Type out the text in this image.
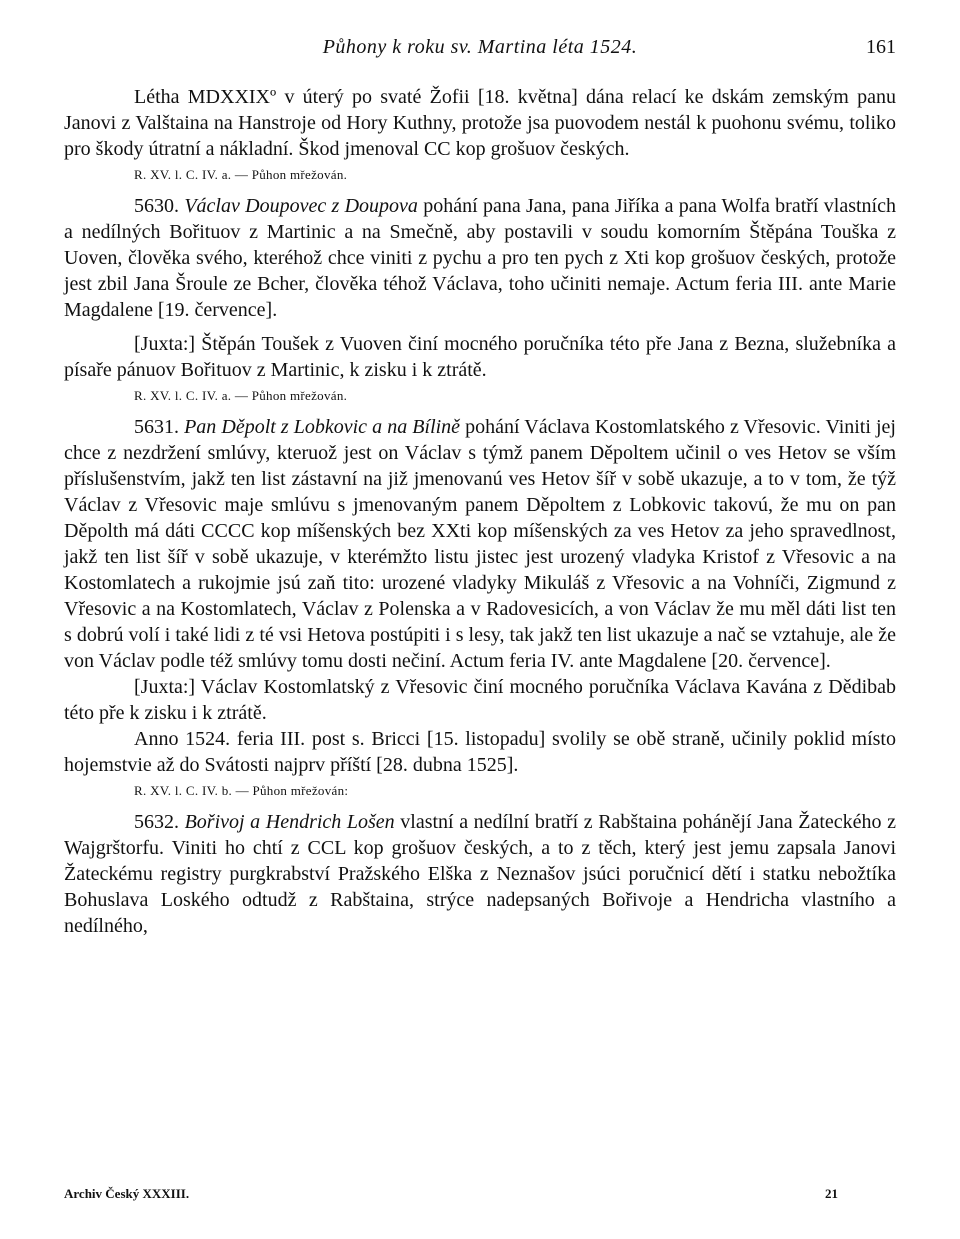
Půhony k roku sv. Martina léta 1524.	161

Létha MDXXIXº v úterý po svaté Žofii [18. května] dána relací ke dskám zemským panu Janovi z Valštaina na Hanstroje od Hory Kuthny, protože jsa puovodem nestál k puohonu svému, toliko pro škody útratní a nákladní. Škod jmenoval CC kop grošuov českých.

R. XV. l. C. IV. a. — Půhon mřežován.

5630. Václav Doupovec z Doupova pohání pana Jana, pana Jiříka a pana Wolfa bratří vlastních a nedílných Bořituov z Martinic a na Smečně, aby postavili v soudu komorním Štěpána Touška z Uoven, člověka svého, kteréhož chce viniti z pychu a pro ten pych z Xti kop grošuov českých, protože jest zbil Jana Šroule ze Bcher, člověka téhož Václava, toho učiniti nemaje. Actum feria III. ante Marie Magdalene [19. července].

[Juxta:] Štěpán Toušek z Vuoven činí mocného poručníka této pře Jana z Bezna, služebníka a písaře pánuov Bořituov z Martinic, k zisku i k ztrátě.

R. XV. l. C. IV. a. — Půhon mřežován.

5631. Pan Děpolt z Lobkovic a na Bílině pohání Václava Kostomlatského z Vřesovic. Viniti jej chce z nezdržení smlúvy, kteruož jest on Václav s týmž panem Děpoltem učinil o ves Hetov se vším příslušenstvím, jakž ten list zástavní na již jmenovanú ves Hetov šíř v sobě ukazuje, a to v tom, že týž Václav z Vřesovic maje smlúvu s jmenovaným panem Děpoltem z Lobkovic takovú, že mu on pan Děpolth má dáti CCCC kop míšenských bez XXti kop míšenských za ves Hetov za jeho spravedlnost, jakž ten list šíř v sobě ukazuje, v kterémžto listu jistec jest urozený vladyka Kristof z Vřesovic a na Kostomlatech a rukojmie jsú zaň tito: urozené vladyky Mikuláš z Vřesovic a na Vohníči, Zigmund z Vřesovic a na Kostomlatech, Václav z Polenska a v Radovesicích, a von Václav že mu měl dáti list ten s dobrú volí i také lidi z té vsi Hetova postúpiti i s lesy, tak jakž ten list ukazuje a nač se vztahuje, ale že von Václav podle též smlúvy tomu dosti nečiní. Actum feria IV. ante Magdalene [20. července].

[Juxta:] Václav Kostomlatský z Vřesovic činí mocného poručníka Václava Kavána z Dědibab této pře k zisku i k ztrátě.

Anno 1524. feria III. post s. Bricci [15. listopadu] svolily se obě straně, učinily poklid místo hojemstvie až do Svátosti najprv příští [28. dubna 1525].

R. XV. l. C. IV. b. — Půhon mřežován:

5632. Bořivoj a Hendrich Lošen vlastní a nedílní bratří z Rabštaina pohánějí Jana Žateckého z Wajgrštorfu. Viniti ho chtí z CCL kop grošuov českých, a to z těch, který jest jemu zapsala Janovi Žateckému registry purgkrabství Pražského Elška z Neznašov jsúci poručnicí dětí i statku nebožtíka Bohuslava Loského odtudž z Rabštaina, strýce nadepsaných Bořivoje a Hendricha vlastního a nedílného,

Archiv Český XXXIII.	21
